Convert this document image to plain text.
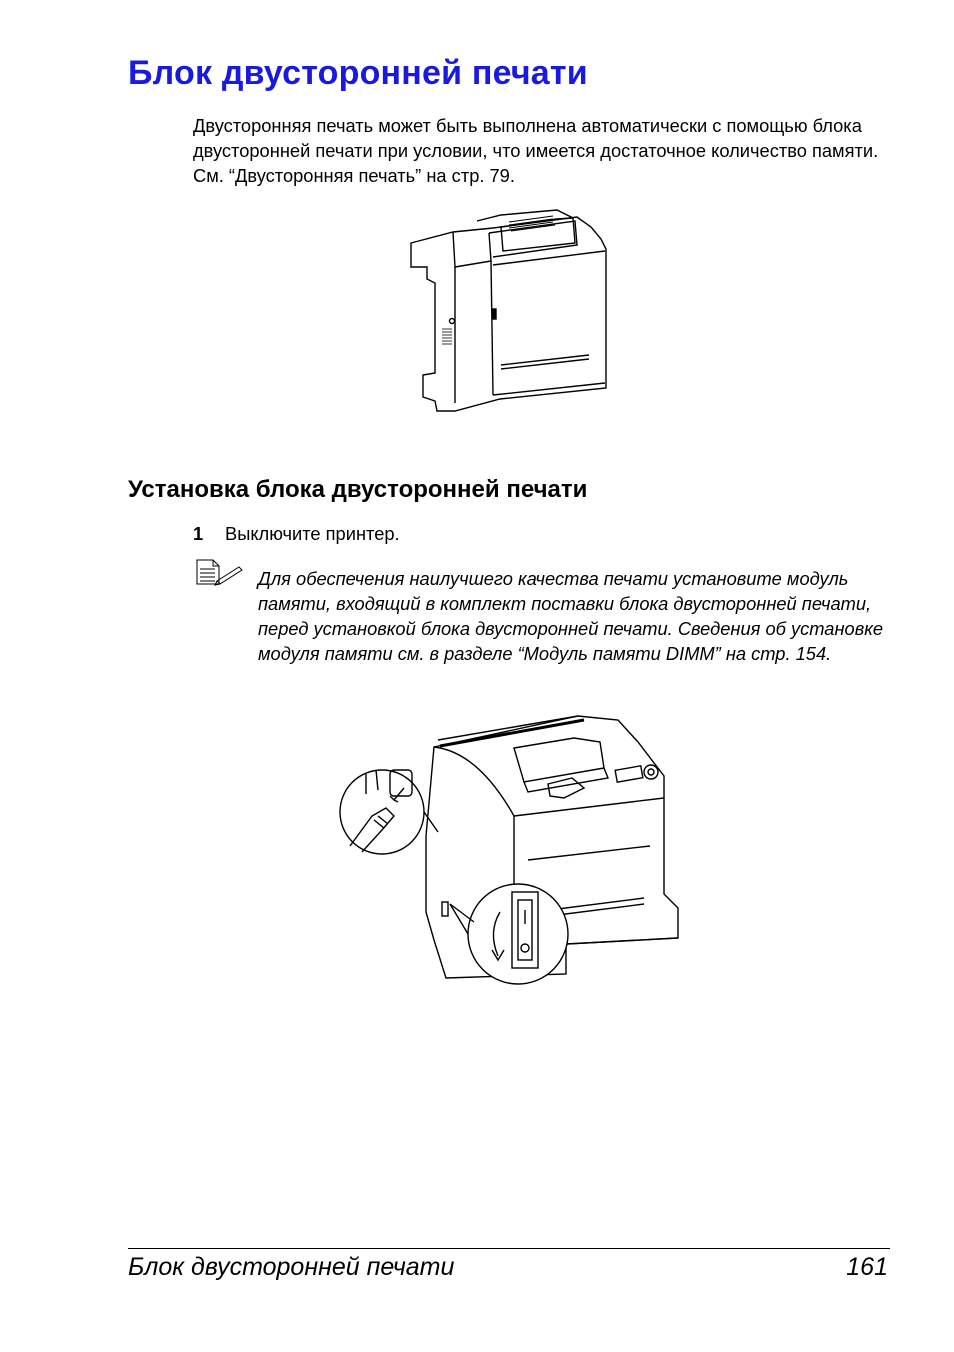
Блок двусторонней печати

Двусторонняя печать может быть выполнена автоматически с помощью блока двусторонней печати при условии, что имеется достаточное количество памяти. См. “Двусторонняя печать” на стр. 79.

Установка блока двусторонней печати
1 Выключите принтер.

Для обеспечения наилучшего качества печати установите модуль памяти, входящий в комплект поставки блока двусторонней печати, перед установкой блока двусторонней печати. Сведения об установке модуля памяти см. в разделе “Модуль памяти DIMM” на стр. 154.

Блок двусторонней печати	161
